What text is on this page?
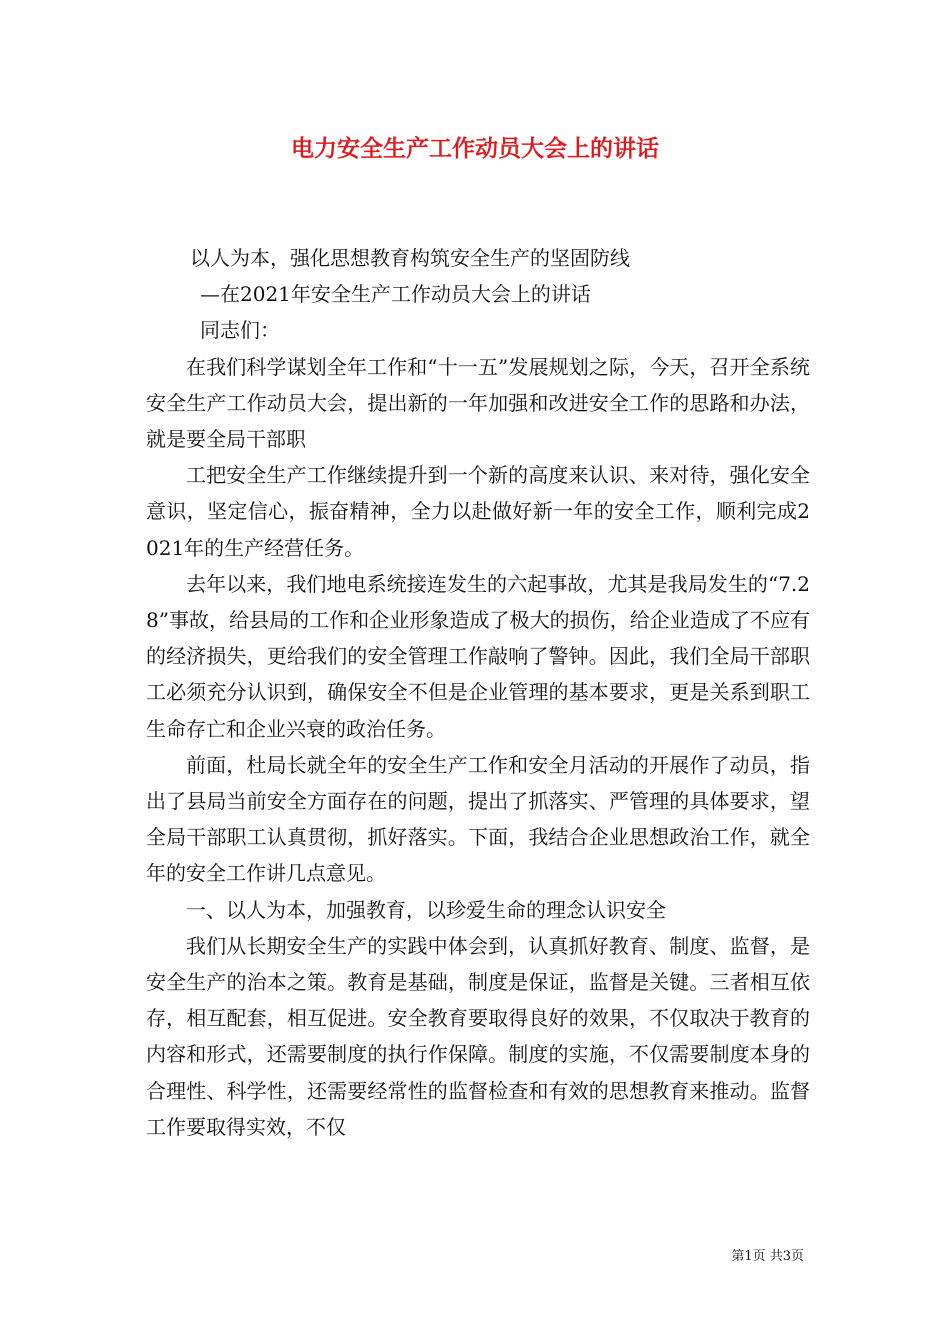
电力安全生产工作动员大会上的讲话

以人为本，强化思想教育构筑安全生产的坚固防线

—在2021年安全生产工作动员大会上的讲话

同志们：

在我们科学谋划全年工作和“十一五”发展规划之际，今天，召开全系统安全生产工作动员大会，提出新的一年加强和改进安全工作的思路和办法，就是要全局干部职

工把安全生产工作继续提升到一个新的高度来认识、来对待，强化安全意识，坚定信心，振奋精神，全力以赴做好新一年的安全工作，顺利完成2021年的生产经营任务。

去年以来，我们地电系统接连发生的六起事故，尤其是我局发生的“7.28”事故，给县局的工作和企业形象造成了极大的损伤，给企业造成了不应有的经济损失，更给我们的安全管理工作敲响了警钟。因此，我们全局干部职工必须充分认识到，确保安全不但是企业管理的基本要求，更是关系到职工生命存亡和企业兴衰的政治任务。

前面，杜局长就全年的安全生产工作和安全月活动的开展作了动员，指出了县局当前安全方面存在的问题，提出了抓落实、严管理的具体要求，望全局干部职工认真贯彻，抓好落实。下面，我结合企业思想政治工作，就全年的安全工作讲几点意见。

一、以人为本，加强教育，以珍爱生命的理念认识安全

我们从长期安全生产的实践中体会到，认真抓好教育、制度、监督，是安全生产的治本之策。教育是基础，制度是保证，监督是关键。三者相互依存，相互配套，相互促进。安全教育要取得良好的效果，不仅取决于教育的内容和形式，还需要制度的执行作保障。制度的实施，不仅需要制度本身的合理性、科学性，还需要经常性的监督检查和有效的思想教育来推动。监督工作要取得实效，不仅

第1页 共3页
